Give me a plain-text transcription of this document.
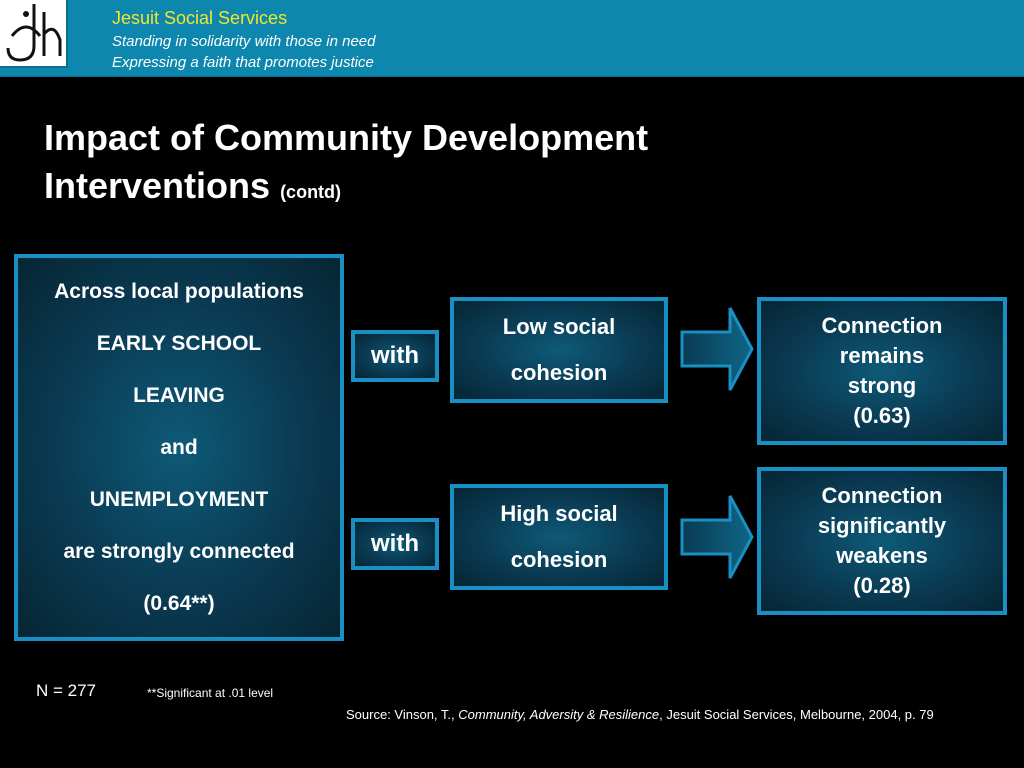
Jesuit Social Services
Standing in solidarity with those in need
Expressing a faith that promotes justice
Impact of Community Development
Interventions (contd)
Across local populations
EARLY SCHOOL
LEAVING
and
UNEMPLOYMENT
are strongly connected
(0.64**)
with
with
Low social
cohesion
High social
cohesion
Connection
remains
strong
(0.63)
Connection
significantly
weakens
(0.28)
N = 277	**Significant at .01 level
Source: Vinson, T., Community, Adversity & Resilience, Jesuit Social Services, Melbourne, 2004, p. 79
